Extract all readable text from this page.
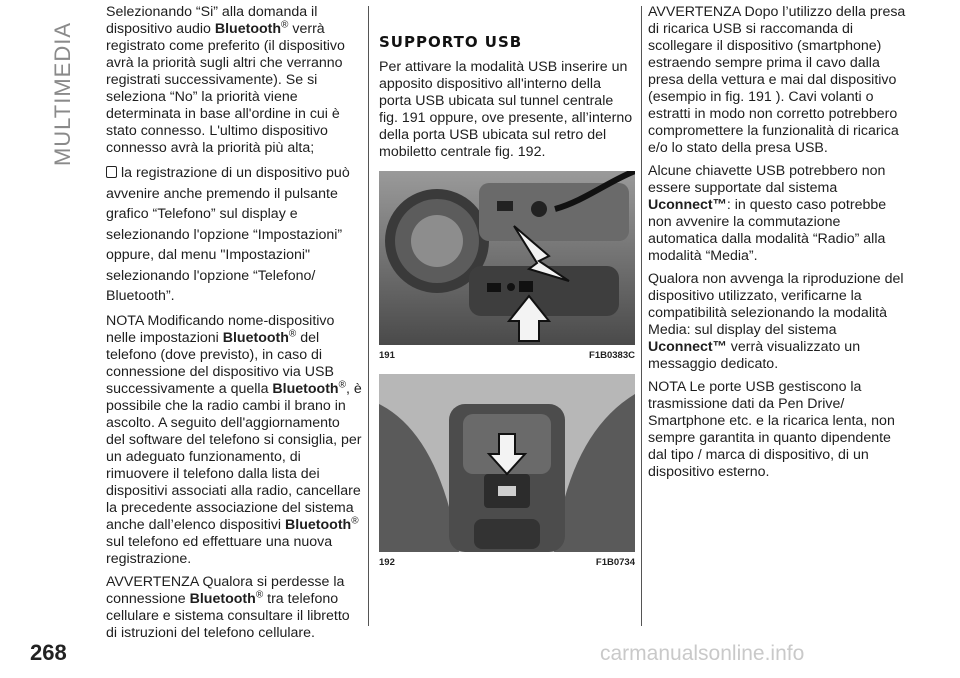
MULTIMEDIA
268

Selezionando “Si” alla domanda il dispositivo audio Bluetooth® verrà registrato come preferito (il dispositivo avrà la priorità sugli altri che verranno registrati successivamente). Se si seleziona “No” la priorità viene determinata in base all'ordine in cui è stato connesso. L'ultimo dispositivo connesso avrà la priorità più alta;

la registrazione di un dispositivo può avvenire anche premendo il pulsante grafico “Telefono” sul display e selezionando l'opzione “Impostazioni” oppure, dal menu "Impostazioni" selezionando l'opzione “Telefono/ Bluetooth”.

NOTA Modificando nome-dispositivo nelle impostazioni Bluetooth® del telefono (dove previsto), in caso di connessione del dispositivo via USB successivamente a quella Bluetooth®, è possibile che la radio cambi il brano in ascolto. A seguito dell'aggiornamento del software del telefono si consiglia, per un adeguato funzionamento, di rimuovere il telefono dalla lista dei dispositivi associati alla radio, cancellare la precedente associazione del sistema anche dall’elenco dispositivi Bluetooth® sul telefono ed effettuare una nuova registrazione.

AVVERTENZA Qualora si perdesse la connessione Bluetooth® tra telefono cellulare e sistema consultare il libretto di istruzioni del telefono cellulare.

SUPPORTO USB

Per attivare la modalità USB inserire un apposito dispositivo all'interno della porta USB ubicata sul tunnel centrale fig. 191 oppure, ove presente, all’interno della porta USB ubicata sul retro del mobiletto centrale fig. 192.

191	F1B0383C
192	F1B0734

AVVERTENZA Dopo l’utilizzo della presa di ricarica USB si raccomanda di scollegare il dispositivo (smartphone) estraendo sempre prima il cavo dalla presa della vettura e mai dal dispositivo (esempio in fig. 191 ). Cavi volanti o estratti in modo non corretto potrebbero compromettere la funzionalità di ricarica e/o lo stato della presa USB.

Alcune chiavette USB potrebbero non essere supportate dal sistema Uconnect™: in questo caso potrebbe non avvenire la commutazione automatica dalla modalità “Radio” alla modalità “Media”.

Qualora non avvenga la riproduzione del dispositivo utilizzato, verificarne la compatibilità selezionando la modalità Media: sul display del sistema Uconnect™ verrà visualizzato un messaggio dedicato.

NOTA Le porte USB gestiscono la trasmissione dati da Pen Drive/ Smartphone etc. e la ricarica lenta, non sempre garantita in quanto dipendente dal tipo / marca di dispositivo, di un dispositivo esterno.

carmanualsonline.info
